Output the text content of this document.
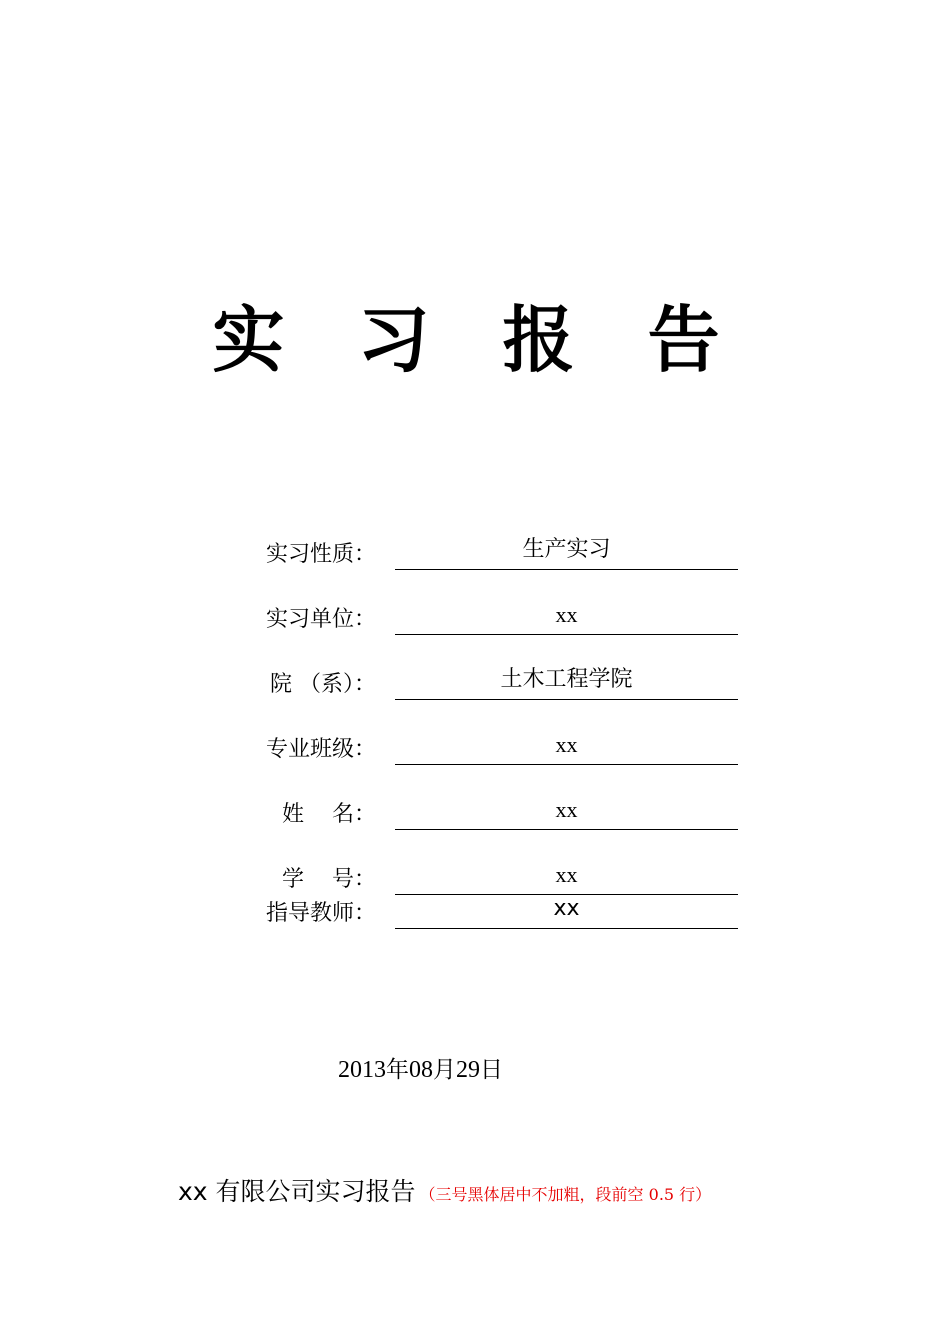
实 习 报 告
实习性质：	生产实习
实习单位：	xx
院 （系）：	土木工程学院
专业班级：	xx
姓    名：	xx
学    号：	xx
指导教师：	xx
2013年08月29日
xx 有限公司实习报告 （三号黑体居中不加粗，段前空 0.5 行）
